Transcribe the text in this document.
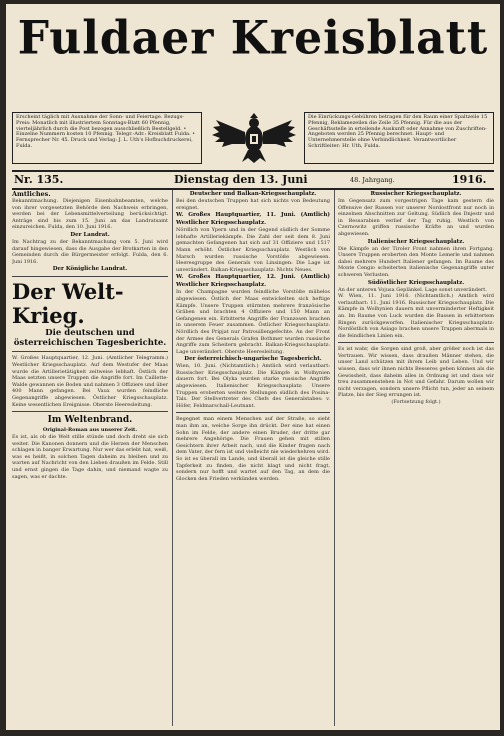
Fuldaer Kreisblatt
Erscheint täglich mit Ausnahme der Sonn- und Feiertage. Bezugs-Preis: Monatlich mit illustriertem Sonntags-Blatt 60 Pfennig, vierteljährlich durch die Post bezogen ausschließlich Bestellgeld. • Einzelne Nummern kosten 10 Pfennig. Telegr.-Adr.: Kreisblatt Fulda. • Fernsprecher Nr. 45. Druck und Verlag: J. L. Uth's Hofbuchdruckerei, Fulda.
Die Einrückungs-Gebühren betragen für den Raum einer Spaltzeile 15 Pfennig, Reklamezeilen die Zeile 35 Pfennig. Für die aus der Geschäftsstelle in erteilende Auskunft oder Annahme von Zuschriften-Angeboten werden 25 Pfennig berechnet. Haupt- und Unternehmerstelle ohne Verbindlichkeit. Verantwortlicher Schriftleiter: Hr. Uth, Fulda.
Nr. 135.	Dienstag den 13. Juni	48. Jahrgang.	1916.
Amtliches.
Bekanntmachung. Diejenigen Eisenbahnbeamten, welche von ihrer vorgesetzten Behörde den Nachweis erbringen, werden bei der Lebensmittelverteilung berücksichtigt. Anträge sind bis zum 15. Juni an das Landratsamt einzureichen. Fulda, den 10. Juni 1916.
Der Landrat.
Im Nachtrag zu der Bekanntmachung vom 5. Juni wird darauf hingewiesen, dass die Ausgabe der Brotkarten in den Gemeinden durch die Bürgermeister erfolgt. Fulda, den 6. Juni 1916.
Der Königliche Landrat.
Der Welt-Krieg.
Die deutschen und österreichischen Tagesberichte.
W. Großes Hauptquartier, 12. Juni. (Amtlicher Telegramm.) Westlicher Kriegsschauplatz. Auf dem Westufer der Maas wurde die Artillerietätigkeit zeitweise lebhaft. Östlich der Maas setzten unsere Truppen die Angriffe fort. Im Caillette-Walde gewannen sie Boden und nahmen 3 Offiziere und über 400 Mann gefangen. Bei Vaux wurden feindliche Gegenangriffe abgewiesen. Östlicher Kriegsschauplatz. Keine wesentlichen Ereignisse. Oberste Heeresleitung.
Im Weltenbrand.
Original-Roman aus unserer Zeit.
Es ist, als ob die Welt stille stünde und doch dreht sie sich weiter. Die Kanonen donnern und die Herzen der Menschen schlagen in banger Erwartung. Nur wer das erlebt hat, weiß, was es heißt, in solchen Tagen daheim zu bleiben und zu warten auf Nachricht von den Lieben draußen im Felde. Still und ernst gingen die Tage dahin, und niemand wagte zu sagen, was er dachte.
Deutscher und Balkan-Kriegsschauplatz.
Bei den deutschen Truppen hat sich nichts von Bedeutung ereignet.
W. Großes Hauptquartier, 11. Juni. (Amtlich) Westlicher Kriegsschauplatz.
Nördlich von Ypern und in der Gegend südlich der Somme lebhafte Artilleriekämpfe. Die Zahl der seit dem 8. Juni gemachten Gefangenen hat sich auf 31 Offiziere und 1517 Mann erhöht. Östlicher Kriegsschauplatz. Westlich von Marsch wurden russische Vorstöße abgewiesen. Heeresgruppe des Generals von Linsingen: Die Lage ist unverändert. Balkan-Kriegsschauplatz: Nichts Neues.
W. Großes Hauptquartier, 12. Juni. (Amtlich) Westlicher Kriegsschauplatz.
In der Champagne wurden feindliche Vorstöße mühelos abgewiesen. Östlich der Maas entwickelten sich heftige Kämpfe. Unsere Truppen stürmten mehrere französische Gräben und brachten 4 Offiziere und 150 Mann an Gefangenen ein. Erbitterte Angriffe der Franzosen brachen in unserem Feuer zusammen. Östlicher Kriegsschauplatz: Nördlich des Pripjat nur Patrouillengefechte. An der Front der Armee des Generals Grafen Bothmer wurden russische Angriffe zum Scheitern gebracht. Balkan-Kriegsschauplatz: Lage unverändert. Oberste Heeresleitung.
Der österreichisch-ungarische Tagesbericht.
Wien, 10. Juni. (Nichtamtlich.) Amtlich wird verlautbart: Russischer Kriegsschauplatz. Die Kämpfe in Wolhynien dauern fort. Bei Olyka wurden starke russische Angriffe abgewiesen. Italienischer Kriegsschauplatz: Unsere Truppen eroberten weitere Stellungen südlich des Posina-Tals. Der Stellvertreter des Chefs des Generalstabes: v. Höfer, Feldmarschall-Leutnant.
Begegnet man einem Menschen auf der Straße, so sieht man ihm an, welche Sorge ihn drückt. Der eine hat einen Sohn im Felde, der andere einen Bruder, der dritte gar mehrere Angehörige. Die Frauen gehen mit stillen Gesichtern ihrer Arbeit nach, und die Kinder fragen nach dem Vater, der fern ist und vielleicht nie wiederkehren wird. So ist es überall im Lande, und überall ist die gleiche stille Tapferkeit zu finden, die nicht klagt und nicht fragt, sondern nur hofft und wartet auf den Tag, an dem die Glocken den Frieden verkünden werden.
Russischer Kriegsschauplatz.
Im Gegensatz zum vorgestrigen Tage kam gestern die Offensive der Russen vor unserer Nordostfront nur noch in einzelnen Abschnitten zur Geltung. Südlich des Dnjestr und in Bessarabien verlief der Tag ruhig. Westlich von Czernowitz griffen russische Kräfte an und wurden abgewiesen.
Italienischer Kriegsschauplatz.
Die Kämpfe an der Tiroler Front nahmen ihren Fortgang. Unsere Truppen eroberten den Monte Lemerle und nahmen dabei mehrere Hundert Italiener gefangen. Im Raume des Monte Cengio scheiterten italienische Gegenangriffe unter schweren Verlusten.
Südöstlicher Kriegsschauplatz.
An der unteren Vojusa Geplänkel. Lage sonst unverändert.
W. Wien, 11. Juni 1916. (Nichtamtlich.) Amtlich wird verlautbart: 11. Juni 1916. Russischer Kriegsschauplatz. Die Kämpfe in Wolhynien dauern mit unverminderter Heftigkeit an. Im Raume von Luck wurden die Russen in erbittertem Ringen zurückgeworfen. Italienischer Kriegsschauplatz: Nordöstlich von Asiago brachen unsere Truppen abermals in die feindlichen Linien ein.
Es ist wahr, die Sorgen sind groß, aber größer noch ist das Vertrauen. Wir wissen, dass draußen Männer stehen, die unser Land schützen mit ihrem Leib und Leben. Und wir wissen, dass wir ihnen nichts Besseres geben können als die Gewissheit, dass daheim alles in Ordnung ist und dass wir treu zusammenstehen in Not und Gefahr. Darum wollen wir nicht verzagen, sondern unsere Pflicht tun, jeder an seinem Platze, bis der Sieg errungen ist.
(Fortsetzung folgt.)
